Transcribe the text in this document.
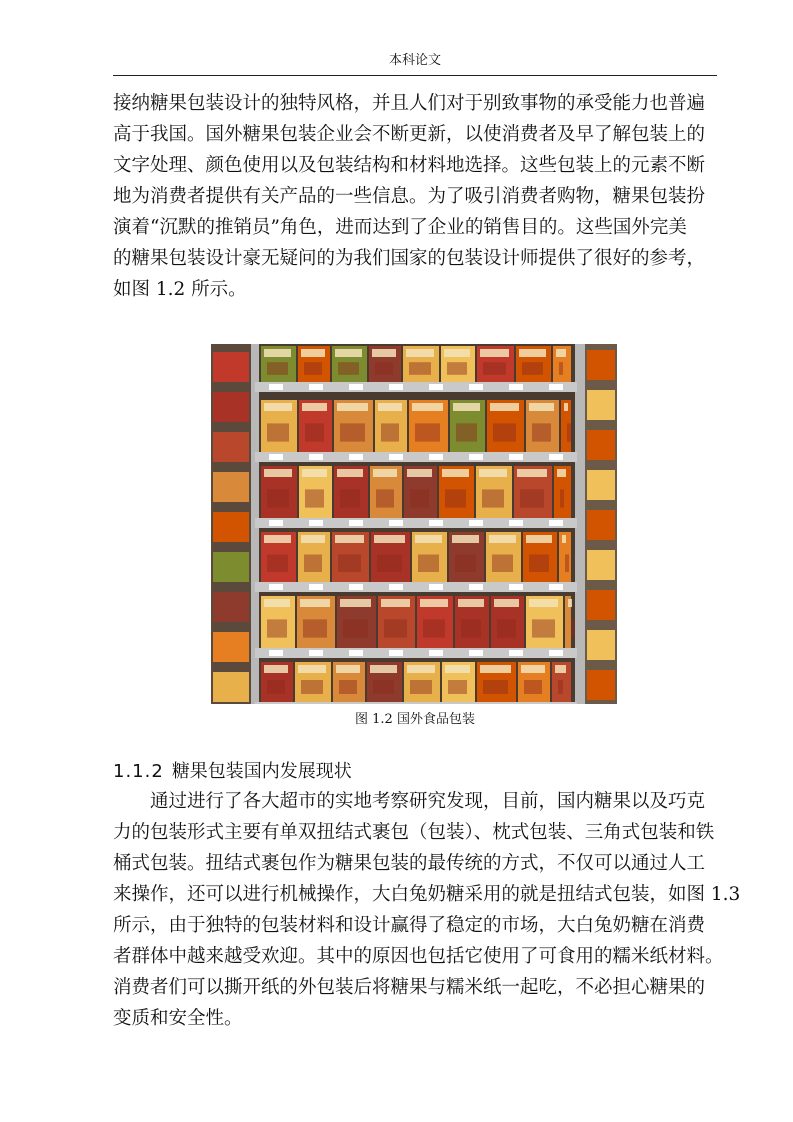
本科论文
接纳糖果包装设计的独特风格，并且人们对于别致事物的承受能力也普遍
高于我国。国外糖果包装企业会不断更新，以使消费者及早了解包装上的
文字处理、颜色使用以及包装结构和材料地选择。这些包装上的元素不断
地为消费者提供有关产品的一些信息。为了吸引消费者购物，糖果包装扮
演着“沉默的推销员”角色，进而达到了企业的销售目的。这些国外完美
的糖果包装设计豪无疑问的为我们国家的包装设计师提供了很好的参考，
如图 1.2 所示。
图 1.2 国外食品包装
1.1.2 糖果包装国内发展现状
　　通过进行了各大超市的实地考察研究发现，目前，国内糖果以及巧克
力的包装形式主要有单双扭结式裹包（包装）、枕式包装、三角式包装和铁
桶式包装。扭结式裹包作为糖果包装的最传统的方式，不仅可以通过人工
来操作，还可以进行机械操作，大白兔奶糖采用的就是扭结式包装，如图 1.3
所示，由于独特的包装材料和设计赢得了稳定的市场，大白兔奶糖在消费
者群体中越来越受欢迎。其中的原因也包括它使用了可食用的糯米纸材料。
消费者们可以撕开纸的外包装后将糖果与糯米纸一起吃，不必担心糖果的
变质和安全性。
